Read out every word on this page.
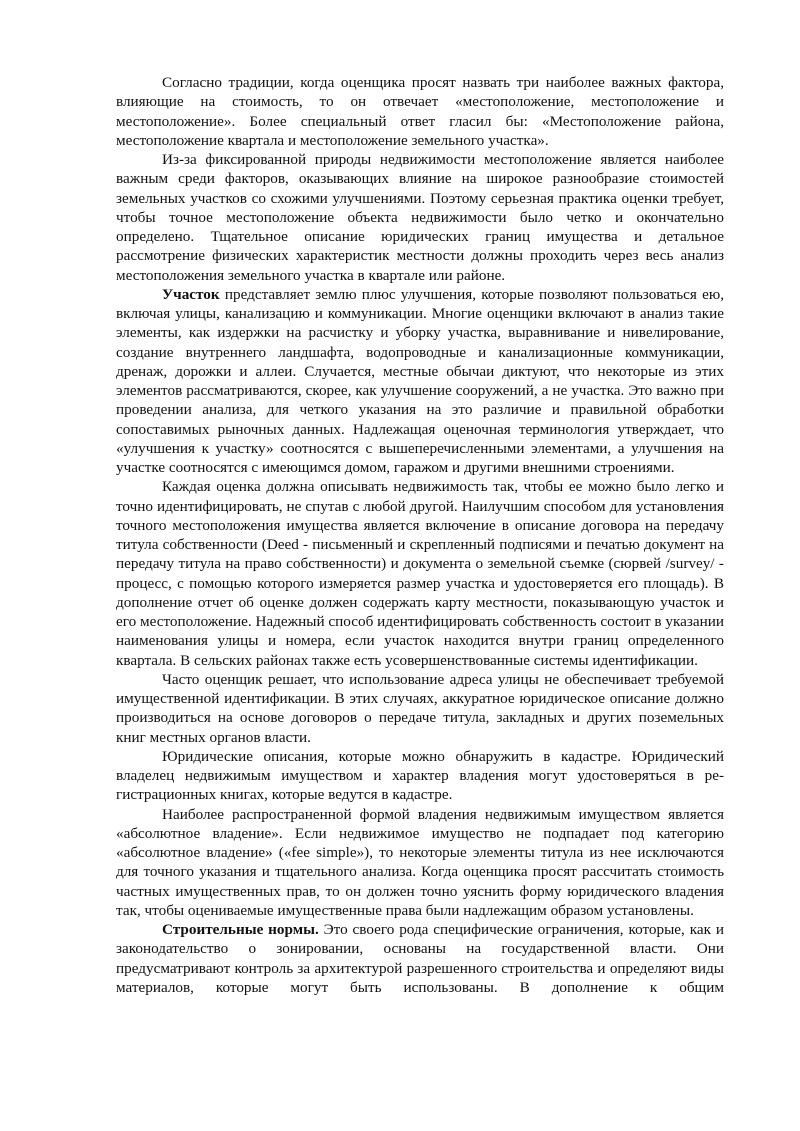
Согласно традиции, когда оценщика просят назвать три наиболее важных фактора, влияющие на стоимость, то он отвечает «местоположение, местоположение и местоположение». Более специальный ответ гласил бы: «Местоположение района, местоположение квартала и местоположение земельного участка».

Из-за фиксированной природы недвижимости местоположение является наиболее важным среди факторов, оказывающих влияние на широкое разнообразие стоимостей земельных участков со схожими улучшениями. Поэтому серьезная практика оценки требует, чтобы точное местоположение объекта недвижимости было четко и окончательно определено. Тщательное описание юридических границ имущества и детальное рассмотрение физических характеристик местности должны проходить через весь анализ местоположения земельного участка в квартале или районе.

Участок представляет землю плюс улучшения, которые позволяют пользоваться ею, включая улицы, канализацию и коммуникации. Многие оценщики включают в анализ такие элементы, как издержки на расчистку и уборку участка, выравнивание и нивелирование, создание внутреннего ландшафта, водопроводные и канализационные коммуникации, дренаж, дорожки и аллеи. Случается, местные обычаи диктуют, что некоторые из этих элементов рассматриваются, скорее, как улучшение сооружений, а не участка. Это важно при проведении анализа, для четкого указания на это различие и правильной обработки сопоставимых рыночных данных. Надлежащая оценочная терминология утверждает, что «улучшения к участку» соотносятся с вышеперечисленными элементами, а улучшения на участке соотносятся с имеющимся домом, гаражом и другими внешними строениями.

Каждая оценка должна описывать недвижимость так, чтобы ее можно было легко и точно идентифицировать, не спутав с любой другой. Наилучшим способом для установления точного местоположения имущества является включение в описание договора на передачу титула собственности (Deed - письменный и скрепленный подписями и печатью документ на передачу титула на право собственности) и документа о земельной съемке (сюрвей /survey/ - процесс, с помощью которого измеряется размер участка и удостоверяется его площадь). В дополнение отчет об оценке должен содержать карту местности, показывающую участок и его местоположение. Надежный способ идентифицировать собственность состоит в указании наименования улицы и номера, если участок находится внутри границ определенного квартала. В сельских районах также есть усовершенствованные системы идентификации.

Часто оценщик решает, что использование адреса улицы не обеспечивает требуемой имущественной идентификации. В этих случаях, аккуратное юридическое описание должно производиться на основе договоров о передаче титула, закладных и других поземельных книг местных органов власти.

Юридические описания, которые можно обнаружить в кадастре. Юридический владелец недвижимым имуществом и характер владения могут удостоверяться в регистрационных книгах, которые ведутся в кадастре.

Наиболее распространенной формой владения недвижимым имуществом является «абсолютное владение». Если недвижимое имущество не подпадает под категорию «абсолютное владение» («fee simple»), то некоторые элементы титула из нее исключаются для точного указания и тщательного анализа. Когда оценщика просят рассчитать стоимость частных имущественных прав, то он должен точно уяснить форму юридического владения так, чтобы оцениваемые имущественные права были надлежащим образом установлены.

Строительные нормы. Это своего рода специфические ограничения, которые, как и законодательство о зонировании, основаны на государственной власти. Они предусматривают контроль за архитектурой разрешенного строительства и определяют виды материалов, которые могут быть использованы. В дополнение к общим
